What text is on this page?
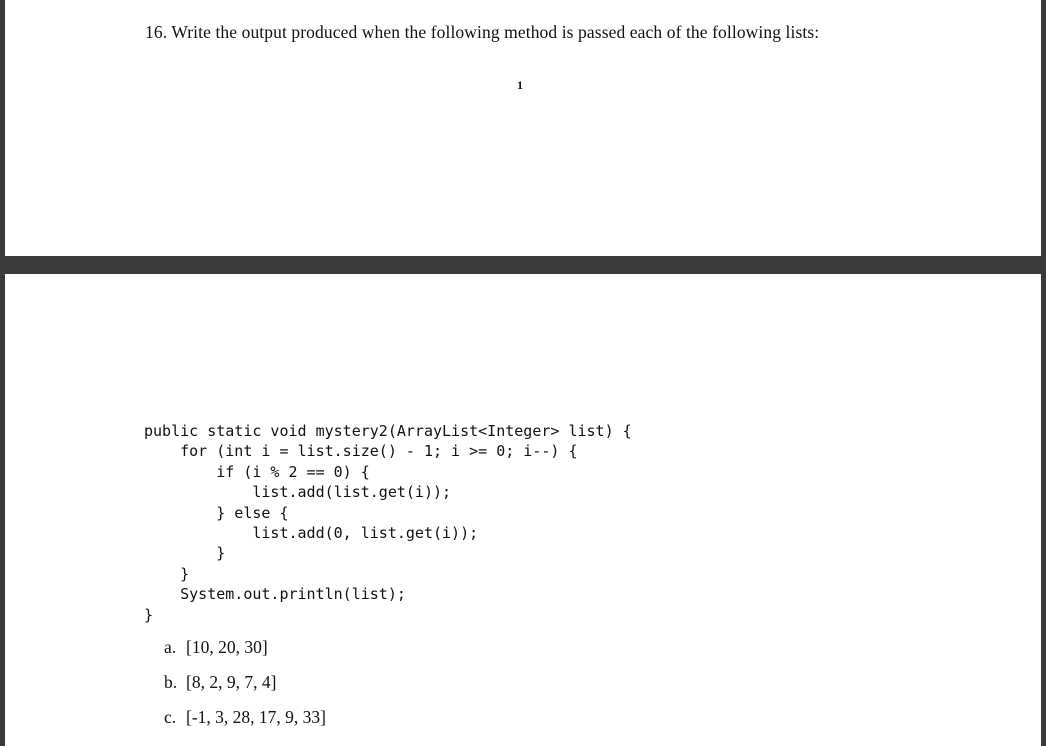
16. Write the output produced when the following method is passed each of the following lists:
1
public static void mystery2(ArrayList<Integer> list) {
for (int i = list.size() - 1; i >= 0; i--) {
if (i % 2 == 0) {
list.add(list.get(i));
} else {
list.add(0, list.get(i));
}
}
System.out.println(list);
}
a. [10, 20, 30]
b. [8, 2, 9, 7, 4]
c. [-1, 3, 28, 17, 9, 33]
